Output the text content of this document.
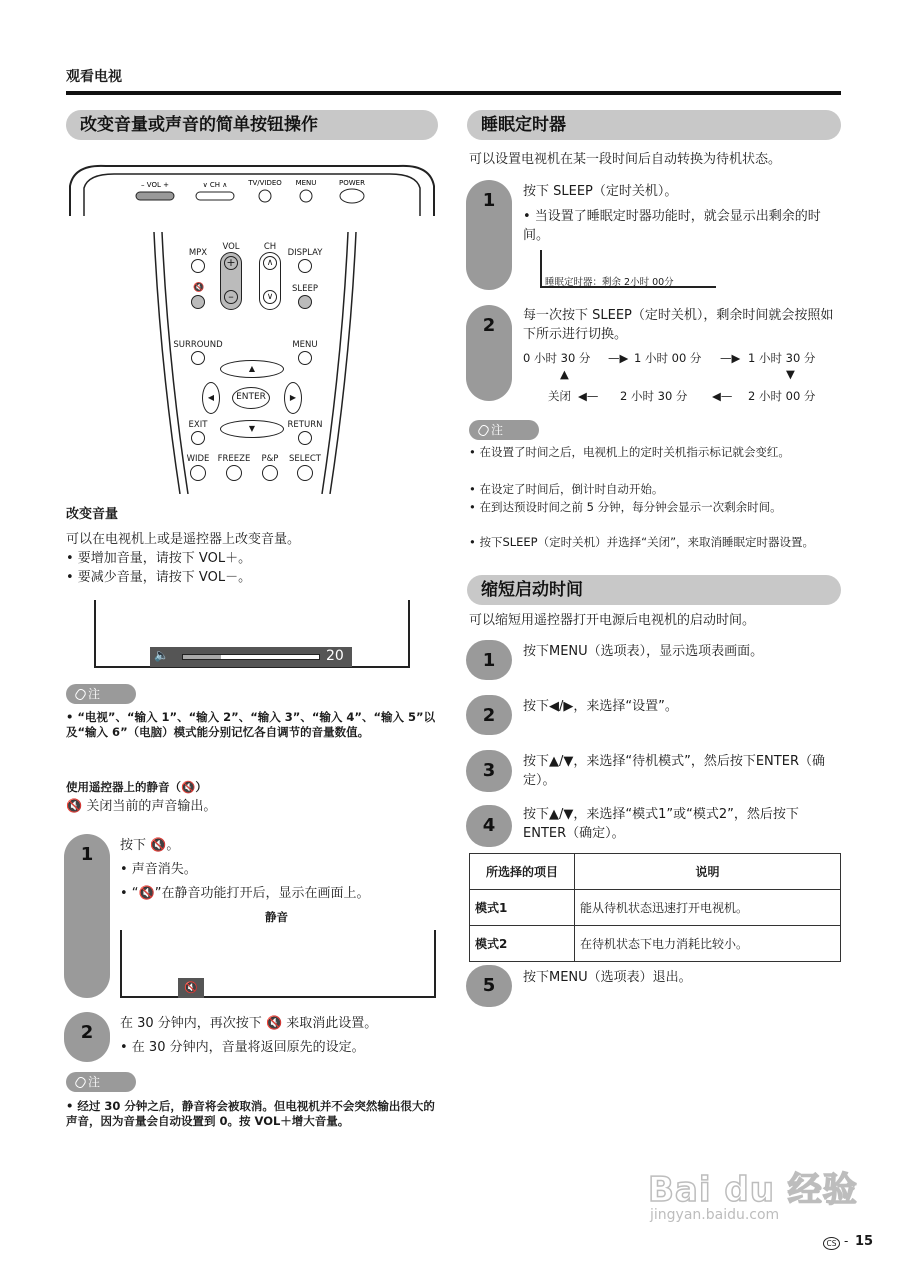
观看电视
改变音量或声音的简单按钮操作
– VOL +	∨ CH ∧	TV/VIDEO MENU	POWER
MPX
+
–
VOL
∧
∨
CH
DISPLAY
🔇	SLEEP
SURROUND	MENU
▲
▼
◀	▶
ENTER
EXIT	RETURN
WIDE FREEZE	P&P	SELECT
改变音量
可以在电视机上或是遥控器上改变音量。
• 要增加音量，请按下 VOL＋。
• 要减少音量，请按下 VOL－。
🔈	20
注
• “电视”、“输入 1”、“输入 2”、“输入 3”、“输入 4”、“输入 5”以及“输入 6”（电脑）模式能分别记忆各自调节的音量数值。
使用遥控器上的静音（🔇）
🔇 关闭当前的声音输出。
1	按下 🔇。
• 声音消失。
• “🔇”在静音功能打开后，显示在画面上。
静音
🔇
2	在 30 分钟内，再次按下 🔇 来取消此设置。
• 在 30 分钟内，音量将返回原先的设定。
注
• 经过 30 分钟之后，静音将会被取消。但电视机并不会突然输出很大的声音，因为音量会自动设置到 0。按 VOL＋增大音量。
睡眠定时器
可以设置电视机在某一段时间后自动转换为待机状态。
1	按下 SLEEP（定时关机）。
• 当设置了睡眠定时器功能时，就会显示出剩余的时间。
睡眠定时器：剩余 2小时 00分
2	每一次按下 SLEEP（定时关机），剩余时间就会按照如下所示进行切换。
0 小时 30 分 —▶ 1 小时 00 分 —▶ 1 小时 30 分
▲	▼
关闭 ◀— 2 小时 30 分 ◀— 2 小时 00 分
注
• 在设置了时间之后，电视机上的定时关机指示标记就会变红。
• 在设定了时间后，倒计时自动开始。
• 在到达预设时间之前 5 分钟，每分钟会显示一次剩余时间。
• 按下SLEEP（定时关机）并选择“关闭”，来取消睡眠定时器设置。
缩短启动时间
可以缩短用遥控器打开电源后电视机的启动时间。
1	按下MENU（选项表），显示选项表画面。
2	按下◀/▶，来选择“设置”。
3	按下▲/▼，来选择“待机模式”，然后按下ENTER（确定）。
4
按下▲/▼，来选择“模式1”或“模式2”，然后按下ENTER（确定）。
所选择的项目	说明
模式1	能从待机状态迅速打开电视机。
模式2	在待机状态下电力消耗比较小。
5	按下MENU（选项表）退出。
Bai du 经验
jingyan.baidu.com
CS - 15
